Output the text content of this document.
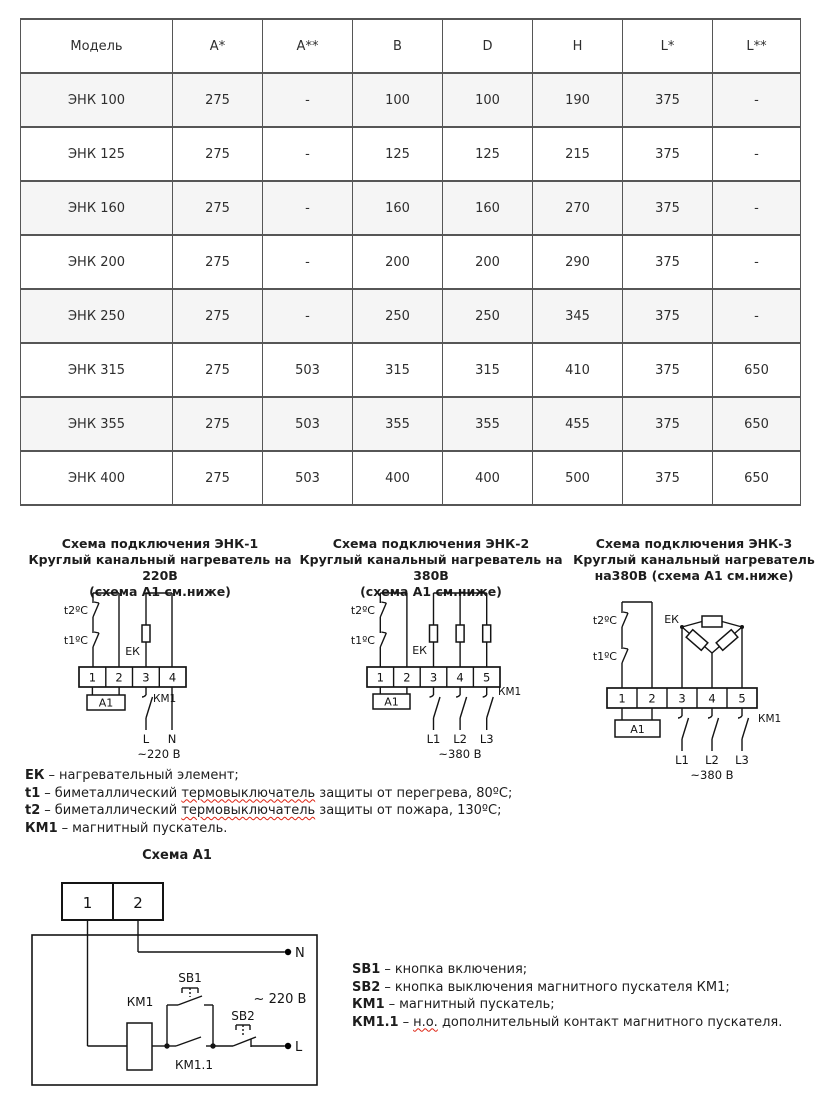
Модель	A*	A**	B	D	H	L*	L**
ЭНК 100	275	-	100	100	190	375	-
ЭНК 125	275	-	125	125	215	375	-
ЭНК 160	275	-	160	160	270	375	-
ЭНК 200	275	-	200	200	290	375	-
ЭНК 250	275	-	250	250	345	375	-
ЭНК 315	275	503	315	315	410	375	650
ЭНК 355	275	503	355	355	455	375	650
ЭНК 400	275	503	400	400	500	375	650
Схема подключения ЭНК-1
Круглый канальный нагреватель на 220В
(схема А1 см.ниже)
Схема подключения ЭНК-2
Круглый канальный нагреватель на 380В
(схема А1 см.ниже)
Схема подключения ЭНК-3
Круглый канальный нагреватель
на380В (схема А1 см.ниже)
t2ºC
t1ºC
ЕК
1 2 3 4
А1	КМ1
L N
~220 В
t2ºC
t1ºC
ЕК
1 2 3 4 5
А1
КМ1
L1 L2 L3
~380 В
t2ºC
t1ºC
ЕК
1 2 3 4 5
А1
КМ1
L1 L2 L3
~380 В
ЕК – нагревательный элемент;
t1 – биметаллический термовыключатель защиты от перегрева, 80ºС;
t2 – биметаллический термовыключатель защиты от пожара, 130ºС;
КМ1 – магнитный пускатель.
Схема А1
1	2
N
КМ1
КМ1.1
SB1
SB2
L
~ 220 В
SB1 – кнопка включения;
SB2 – кнопка выключения магнитного пускателя КМ1;
КМ1 – магнитный пускатель;
КМ1.1 – н.о. дополнительный контакт магнитного пускателя.
